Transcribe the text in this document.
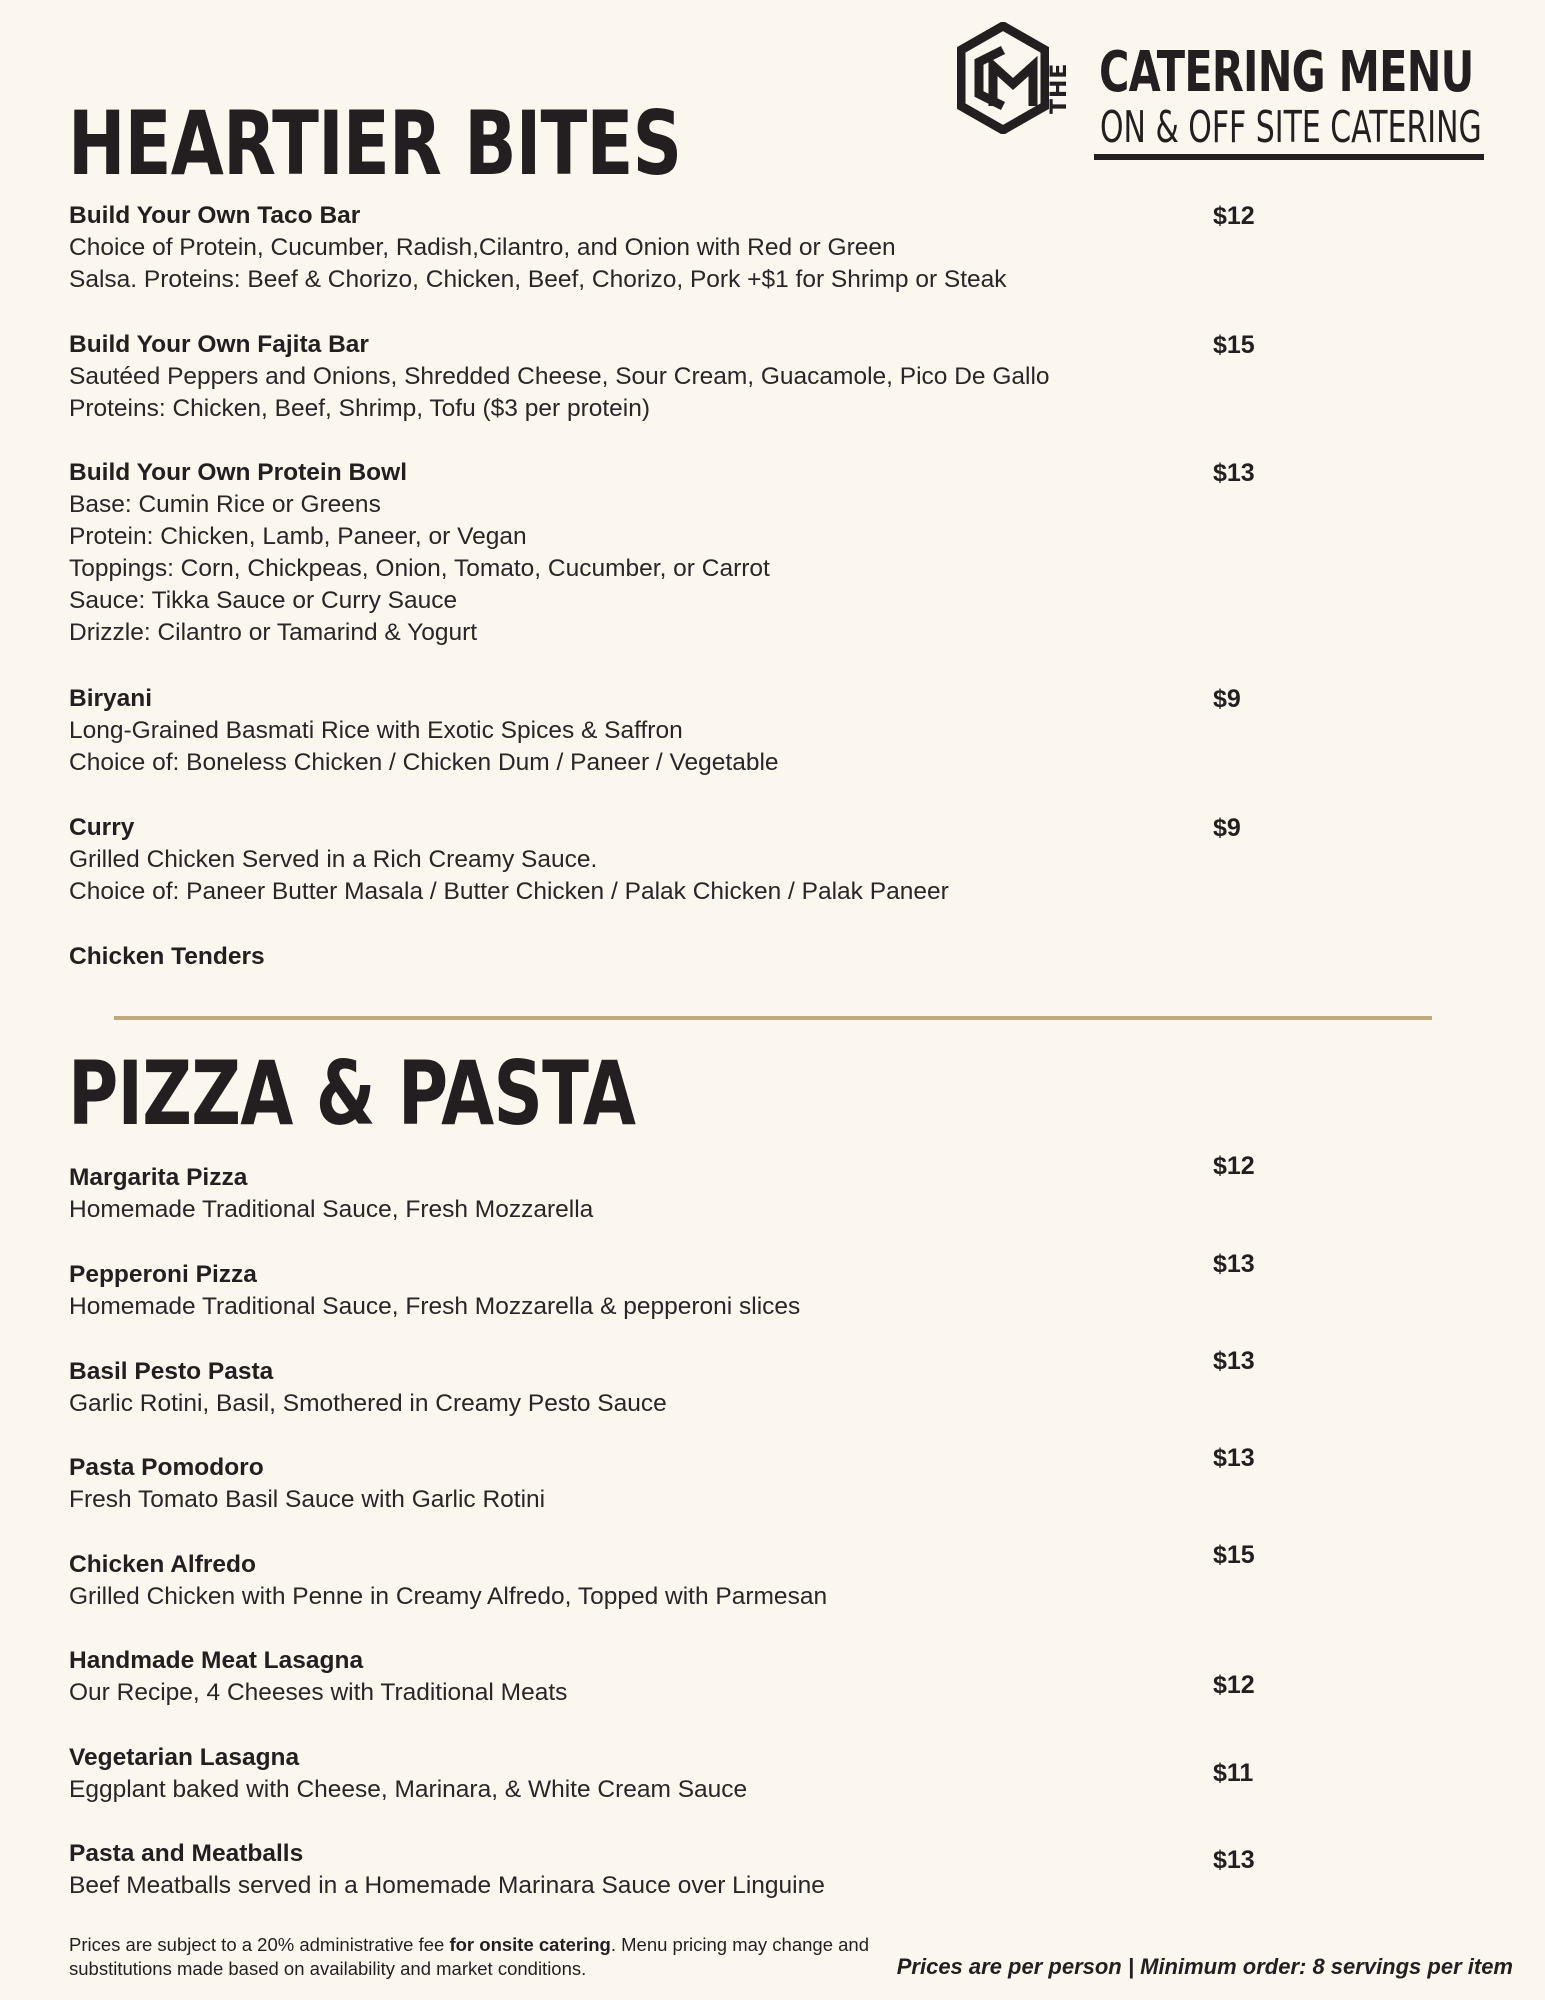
THE CATERING MENU
ON & OFF SITE CATERING
HEARTIER BITES

Build Your Own Taco Bar

Choice of Protein, Cucumber, Radish,Cilantro, and Onion with Red or Green

Salsa. Proteins: Beef & Chorizo, Chicken, Beef, Chorizo, Pork +$1 for Shrimp or Steak

$12

Build Your Own Fajita Bar

Sautéed Peppers and Onions, Shredded Cheese, Sour Cream, Guacamole, Pico De Gallo

Proteins: Chicken, Beef, Shrimp, Tofu ($3 per protein)

$15

Build Your Own Protein Bowl

Base: Cumin Rice or Greens

Protein: Chicken, Lamb, Paneer, or Vegan

Toppings: Corn, Chickpeas, Onion, Tomato, Cucumber, or Carrot

Sauce: Tikka Sauce or Curry Sauce

Drizzle: Cilantro or Tamarind & Yogurt

$13

Biryani

Long-Grained Basmati Rice with Exotic Spices & Saffron

Choice of: Boneless Chicken / Chicken Dum / Paneer / Vegetable

$9

Curry

Grilled Chicken Served in a Rich Creamy Sauce.

Choice of: Paneer Butter Masala / Butter Chicken / Palak Chicken / Palak Paneer

$9

Chicken Tenders

PIZZA & PASTA

Margarita Pizza

Homemade Traditional Sauce, Fresh Mozzarella

$12

Pepperoni Pizza

Homemade Traditional Sauce, Fresh Mozzarella & pepperoni slices

$13

Basil Pesto Pasta

Garlic Rotini, Basil, Smothered in Creamy Pesto Sauce

$13

Pasta Pomodoro

Fresh Tomato Basil Sauce with Garlic Rotini

$13

Chicken Alfredo

Grilled Chicken with Penne in Creamy Alfredo, Topped with Parmesan

$15

Handmade Meat Lasagna

Our Recipe, 4 Cheeses with Traditional Meats	$12

Vegetarian Lasagna

Eggplant baked with Cheese, Marinara, & White Cream Sauce

$11

Pasta and Meatballs

Beef Meatballs served in a Homemade Marinara Sauce over Linguine

$13
Prices are subject to a 20% administrative fee for onsite catering. Menu pricing may change and substitutions made based on availability and market conditions.	Prices are per person | Minimum order: 8 servings per item
